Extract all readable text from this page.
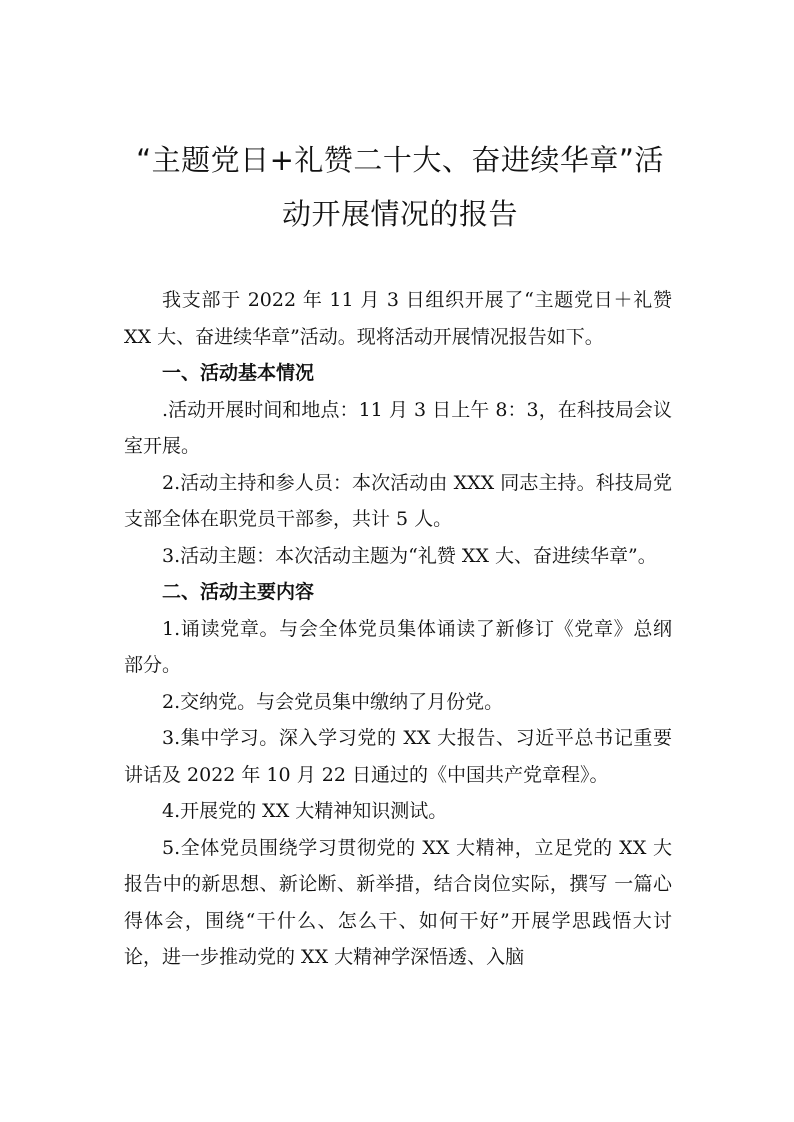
“主题党日+礼赞二十大、奋进续华章”活
动开展情况的报告

我支部于 2022 年 11 月 3 日组织开展了“主题党日＋礼赞 XX 大、奋进续华章”活动。现将活动开展情况报告如下。

一、活动基本情况

.活动开展时间和地点：11 月 3 日上午 8：3，在科技局会议室开展。

2.活动主持和参人员：本次活动由 XXX 同志主持。科技局党支部全体在职党员干部参，共计 5 人。

3.活动主题：本次活动主题为“礼赞 XX 大、奋进续华章”。

二、活动主要内容

1.诵读党章。与会全体党员集体诵读了新修订《党章》总纲部分。

2.交纳党。与会党员集中缴纳了月份党。

3.集中学习。深入学习党的 XX 大报告、习近平总书记重要讲话及 2022 年 10 月 22 日通过的《中国共产党章程》。

4.开展党的 XX 大精神知识测试。

5.全体党员围绕学习贯彻党的 XX 大精神，立足党的 XX 大报告中的新思想、新论断、新举措，结合岗位实际，撰写 一篇心得体会，围绕“干什么、怎么干、如何干好”开展学思践悟大讨论，进一步推动党的 XX 大精神学深悟透、入脑
